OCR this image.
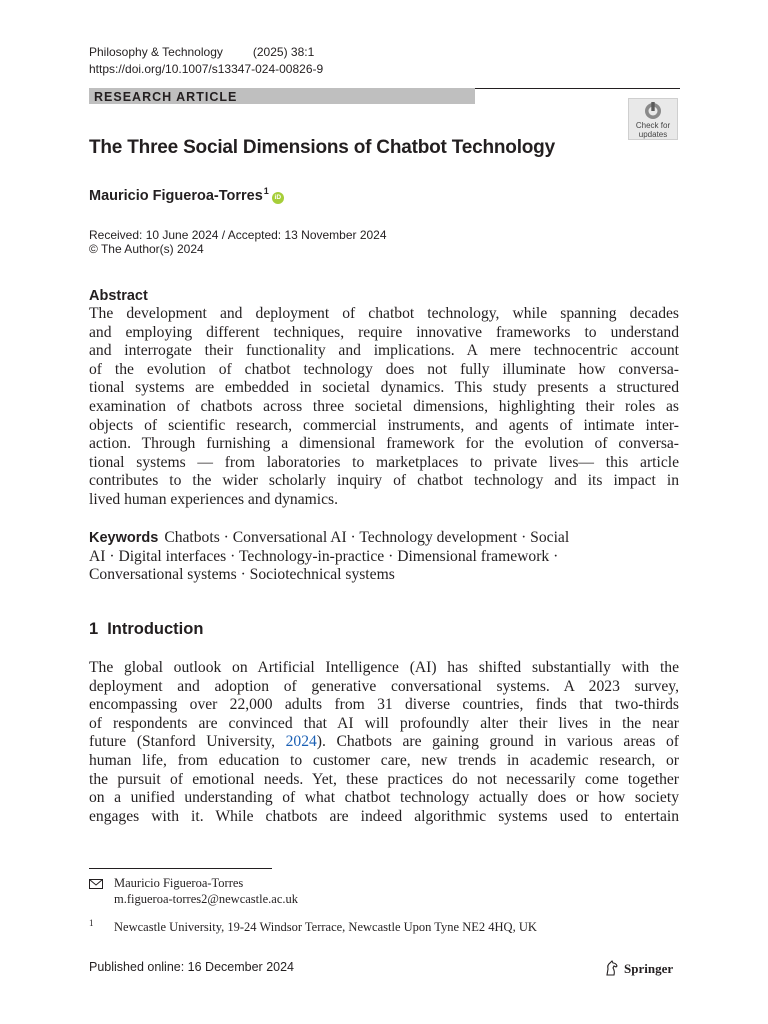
Philosophy & Technology	(2025) 38:1
https://doi.org/10.1007/s13347-024-00826-9
RESEARCH ARTICLE
Check for
updates
The Three Social Dimensions of Chatbot Technology
Mauricio Figueroa-Torres$^1$iD
Received: 10 June 2024 / Accepted: 13 November 2024
© The Author(s) 2024
Abstract
The development and deployment of chatbot technology, while spanning decades
and employing different techniques, require innovative frameworks to understand
and interrogate their functionality and implications. A mere technocentric account
of the evolution of chatbot technology does not fully illuminate how conversa-
tional systems are embedded in societal dynamics. This study presents a structured
examination of chatbots across three societal dimensions, highlighting their roles as
objects of scientific research, commercial instruments, and agents of intimate inter-
action. Through furnishing a dimensional framework for the evolution of conversa-
tional systems — from laboratories to marketplaces to private lives— this article
contributes to the wider scholarly inquiry of chatbot technology and its impact in
lived human experiences and dynamics.
Keywords Chatbots · Conversational AI · Technology development · Social
AI · Digital interfaces · Technology-in-practice · Dimensional framework ·
Conversational systems · Sociotechnical systems
1 Introduction
The global outlook on Artificial Intelligence (AI) has shifted substantially with the
deployment and adoption of generative conversational systems. A 2023 survey,
encompassing over 22,000 adults from 31 diverse countries, finds that two-thirds
of respondents are convinced that AI will profoundly alter their lives in the near
future (Stanford University, 2024). Chatbots are gaining ground in various areas of
human life, from education to customer care, new trends in academic research, or
the pursuit of emotional needs. Yet, these practices do not necessarily come together
on a unified understanding of what chatbot technology actually does or how society
engages with it. While chatbots are indeed algorithmic systems used to entertain
Mauricio Figueroa-Torres
m.figueroa-torres2@newcastle.ac.uk
1 Newcastle University, 19-24 Windsor Terrace, Newcastle Upon Tyne NE2 4HQ, UK
Published online: 16 December 2024	Springer
